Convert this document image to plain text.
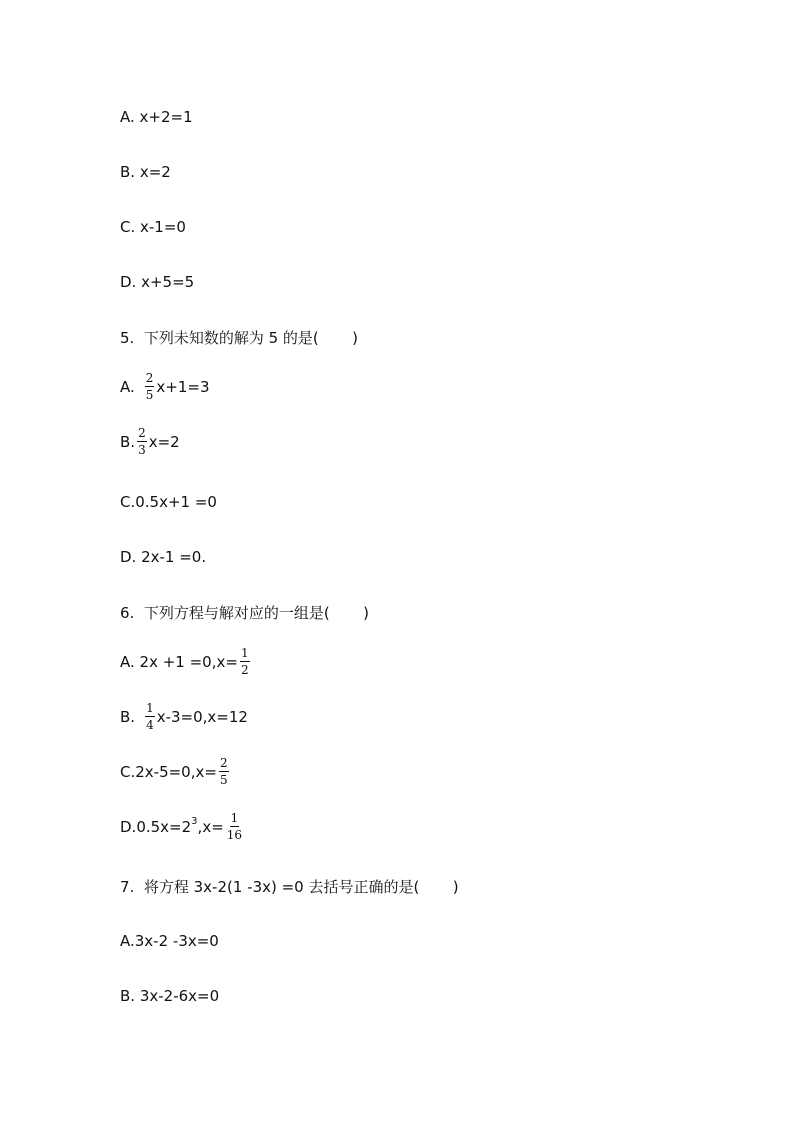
A. x+2=1
B. x=2
C. x-1=0
D. x+5=5
5.  下列未知数的解为 5 的是(       )
A. $\frac{2}{5} x+1=3$
B. $\frac{2}{3} x=2$
C.0.5x+1 =0
D. 2x-1 =0.
6.  下列方程与解对应的一组是(       )
A. $2x +1 =0,x= \frac{1}{2}$
B. $\frac{1}{4} x-3=0,x=12$
$C.2x-5=0,x= \frac{2}{5}$
$D.0.5x=2^3$ $,x= \frac{1}{16}$
7.  将方程 3x-2(1 -3x) =0 去括号正确的是(       )
A.3x-2 -3x=0
B. 3x-2-6x=0
